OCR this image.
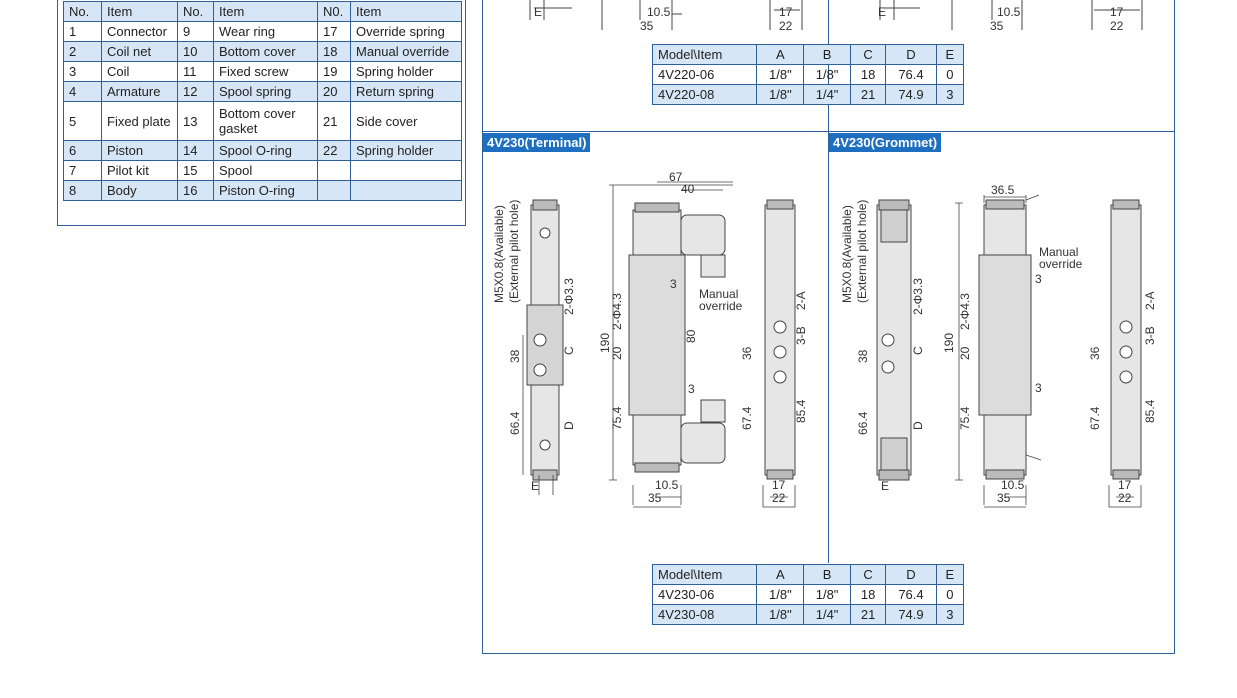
No.	Item	No.	Item	N0.	Item
1	Connector	9	Wear ring	17	Override spring
2	Coil net	10	Bottom cover	18	Manual override
3	Coil	11	Fixed screw	19	Spring holder
4	Armature	12	Spool spring	20	Return spring
5	Fixed plate	13	Bottom cover gasket	21	Side cover
6	Piston	14	Spool O-ring	22	Spring holder
7	Pilot kit	15	Spool		
8	Body	16	Piston O-ring		
E	10.5
35
17
22
E	10.5
35
17
22
Model\Item	A	B	C	D	E
4V220-06	1/8"	1/8"	18	76.4	0
4V220-08	1/8"	1/4"	21	74.9	3
4V230(Terminal)	4V230(Grommet)
M5X0.8(Available) (External pilot hole)	2-Φ3.3
38
66.4
C
D
E
67
40
190
2-Φ4.3
20
80
75.4
3
3
Manual
override
10.5
35
2-A
3-B
36
67.4	85.4
17
22
M5X0.8(Available) (External pilot hole)	2-Φ3.3
38
66.4
C
D
E
36.5
190
2-Φ4.3
20
75.4
3
3
Manual
override
10.5
35
2-A
3-B
36
67.4	85.4
17
22
Model\Item	A	B	C	D	E
4V230-06	1/8"	1/8"	18	76.4	0
4V230-08	1/8"	1/4"	21	74.9	3
